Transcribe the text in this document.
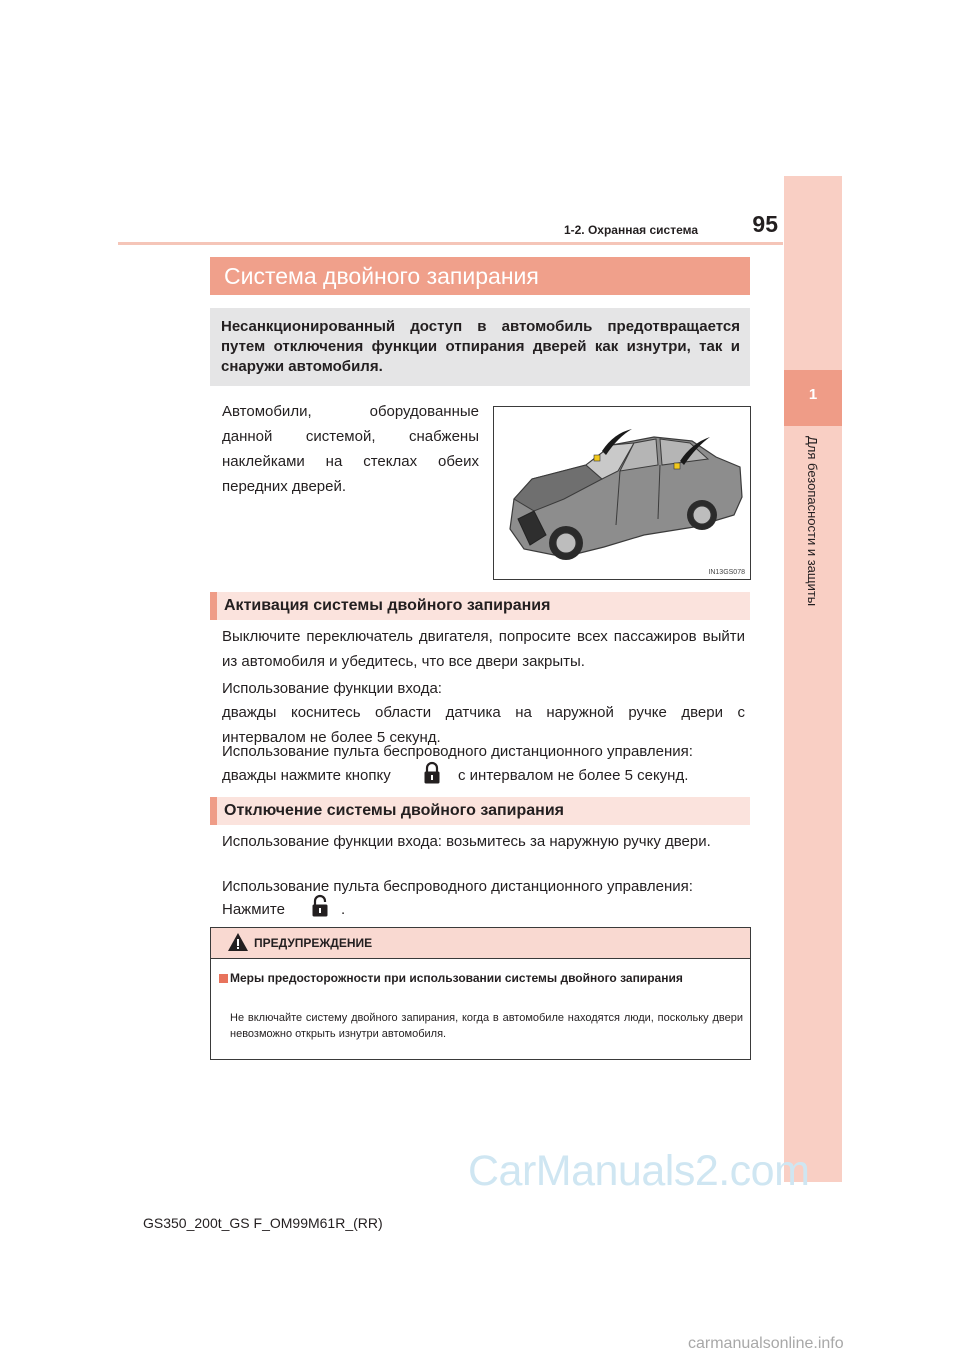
1
Для безопасности и защиты
1-2. Охранная система	95
Система двойного запирания
Несанкционированный доступ в автомобиль предотвращается путем отключения функции отпирания дверей как изнутри, так и снаружи автомобиля.
Автомобили, оборудованные данной системой, снабжены наклейками на стеклах обеих передних дверей.
IN13GS078
Активация системы двойного запирания
Выключите переключатель двигателя, попросите всех пассажиров выйти из автомобиля и убедитесь, что все двери закрыты.
Использование функции входа:
дважды коснитесь области датчика на наружной ручке двери с интервалом не более 5 секунд.
Использование пульта беспроводного дистанционного управления:
дважды нажмите кнопку	с интервалом не более 5 секунд.
Отключение системы двойного запирания
Использование функции входа: возьмитесь за наружную ручку двери.
Использование пульта беспроводного дистанционного управления:
Нажмите	.
ПРЕДУПРЕЖДЕНИЕ
Меры предосторожности при использовании системы двойного запирания
Не включайте систему двойного запирания, когда в автомобиле находятся люди, поскольку двери невозможно открыть изнутри автомобиля.
CarManuals2.com
GS350_200t_GS F_OM99M61R_(RR)
carmanualsonline.info
